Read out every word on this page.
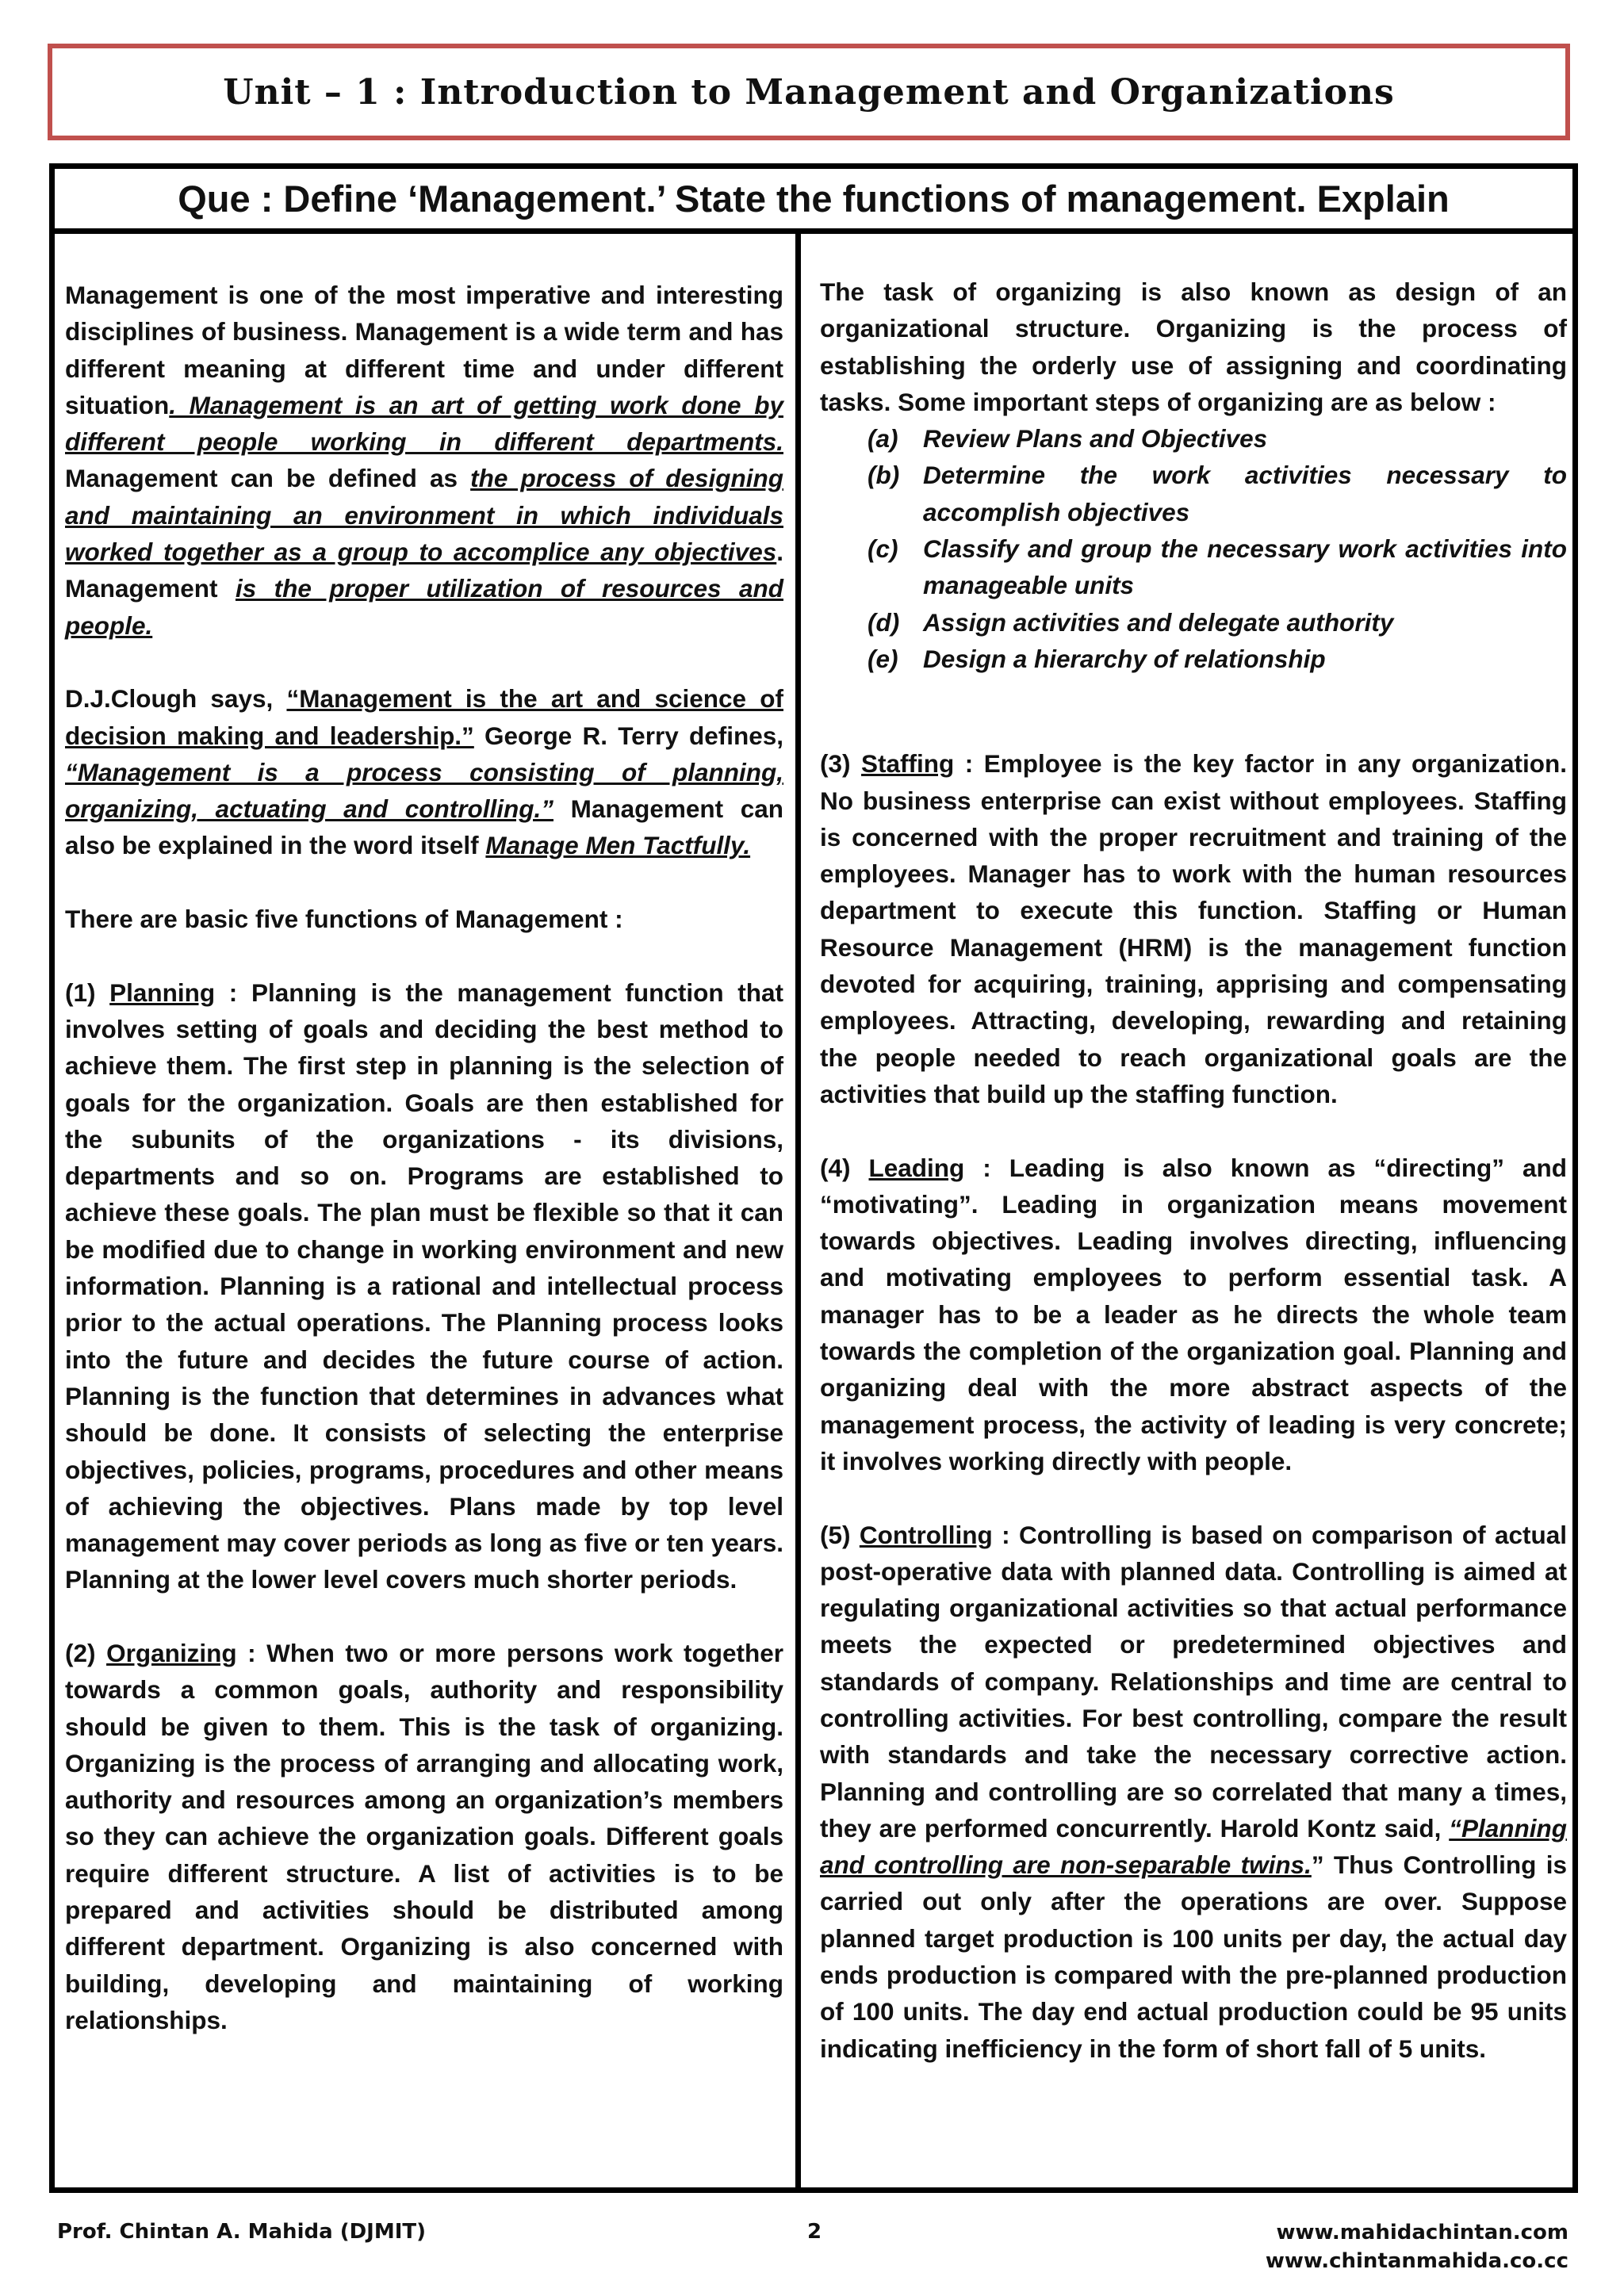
Unit – 1 : Introduction to Management and Organizations
Que : Define ‘Management.’ State the functions of management. Explain

Management is one of the most imperative and interesting disciplines of business. Management is a wide term and has different meaning at different time and under different situation. Management is an art of getting work done by different people working in different departments. Management can be defined as the process of designing and maintaining an environment in which individuals worked together as a group to accomplice any objectives. Management is the proper utilization of resources and people.

D.J.Clough says, “Management is the art and science of decision making and leadership.” George R. Terry defines, “Management is a process consisting of planning, organizing, actuating and controlling.” Management can also be explained in the word itself Manage Men Tactfully.

There are basic five functions of Management :

(1) Planning : Planning is the management function that involves setting of goals and deciding the best method to achieve them. The first step in planning is the selection of goals for the organization. Goals are then established for the subunits of the organizations - its divisions, departments and so on. Programs are established to achieve these goals. The plan must be flexible so that it can be modified due to change in working environment and new information. Planning is a rational and intellectual process prior to the actual operations. The Planning process looks into the future and decides the future course of action. Planning is the function that determines in advances what should be done. It consists of selecting the enterprise objectives, policies, programs, procedures and other means of achieving the objectives. Plans made by top level management may cover periods as long as five or ten years. Planning at the lower level covers much shorter periods.

(2) Organizing : When two or more persons work together towards a common goals, authority and responsibility should be given to them. This is the task of organizing. Organizing is the process of arranging and allocating work, authority and resources among an organization’s members so they can achieve the organization goals. Different goals require different structure. A list of activities is to be prepared and activities should be distributed among different department. Organizing is also concerned with building, developing and maintaining of working relationships.

The task of organizing is also known as design of an organizational structure. Organizing is the process of establishing the orderly use of assigning and coordinating tasks. Some important steps of organizing are as below :

(a)	Review Plans and Objectives
(b) Determine the work activities necessary to accomplish objectives
(c)	Classify and group the necessary work activities into manageable units
(d) Assign activities and delegate authority
(e)	Design a hierarchy of relationship

(3) Staffing : Employee is the key factor in any organization. No business enterprise can exist without employees. Staffing is concerned with the proper recruitment and training of the employees. Manager has to work with the human resources department to execute this function. Staffing or Human Resource Management (HRM) is the management function devoted for acquiring, training, apprising and compensating employees. Attracting, developing, rewarding and retaining the people needed to reach organizational goals are the activities that build up the staffing function.

(4) Leading : Leading is also known as “directing” and “motivating”. Leading in organization means movement towards objectives. Leading involves directing, influencing and motivating employees to perform essential task. A manager has to be a leader as he directs the whole team towards the completion of the organization goal. Planning and organizing deal with the more abstract aspects of the management process, the activity of leading is very concrete; it involves working directly with people.

(5) Controlling : Controlling is based on comparison of actual post-operative data with planned data. Controlling is aimed at regulating organizational activities so that actual performance meets the expected or predetermined objectives and standards of company. Relationships and time are central to controlling activities. For best controlling, compare the result with standards and take the necessary corrective action. Planning and controlling are so correlated that many a times, they are performed concurrently. Harold Kontz said, “Planning and controlling are non-separable twins.” Thus Controlling is carried out only after the operations are over. Suppose planned target production is 100 units per day, the actual day ends production is compared with the pre-planned production of 100 units. The day end actual production could be 95 units indicating inefficiency in the form of short fall of 5 units.

Prof. Chintan A. Mahida (DJMIT)	2	www.mahidachintan.com
www.chintanmahida.co.cc
